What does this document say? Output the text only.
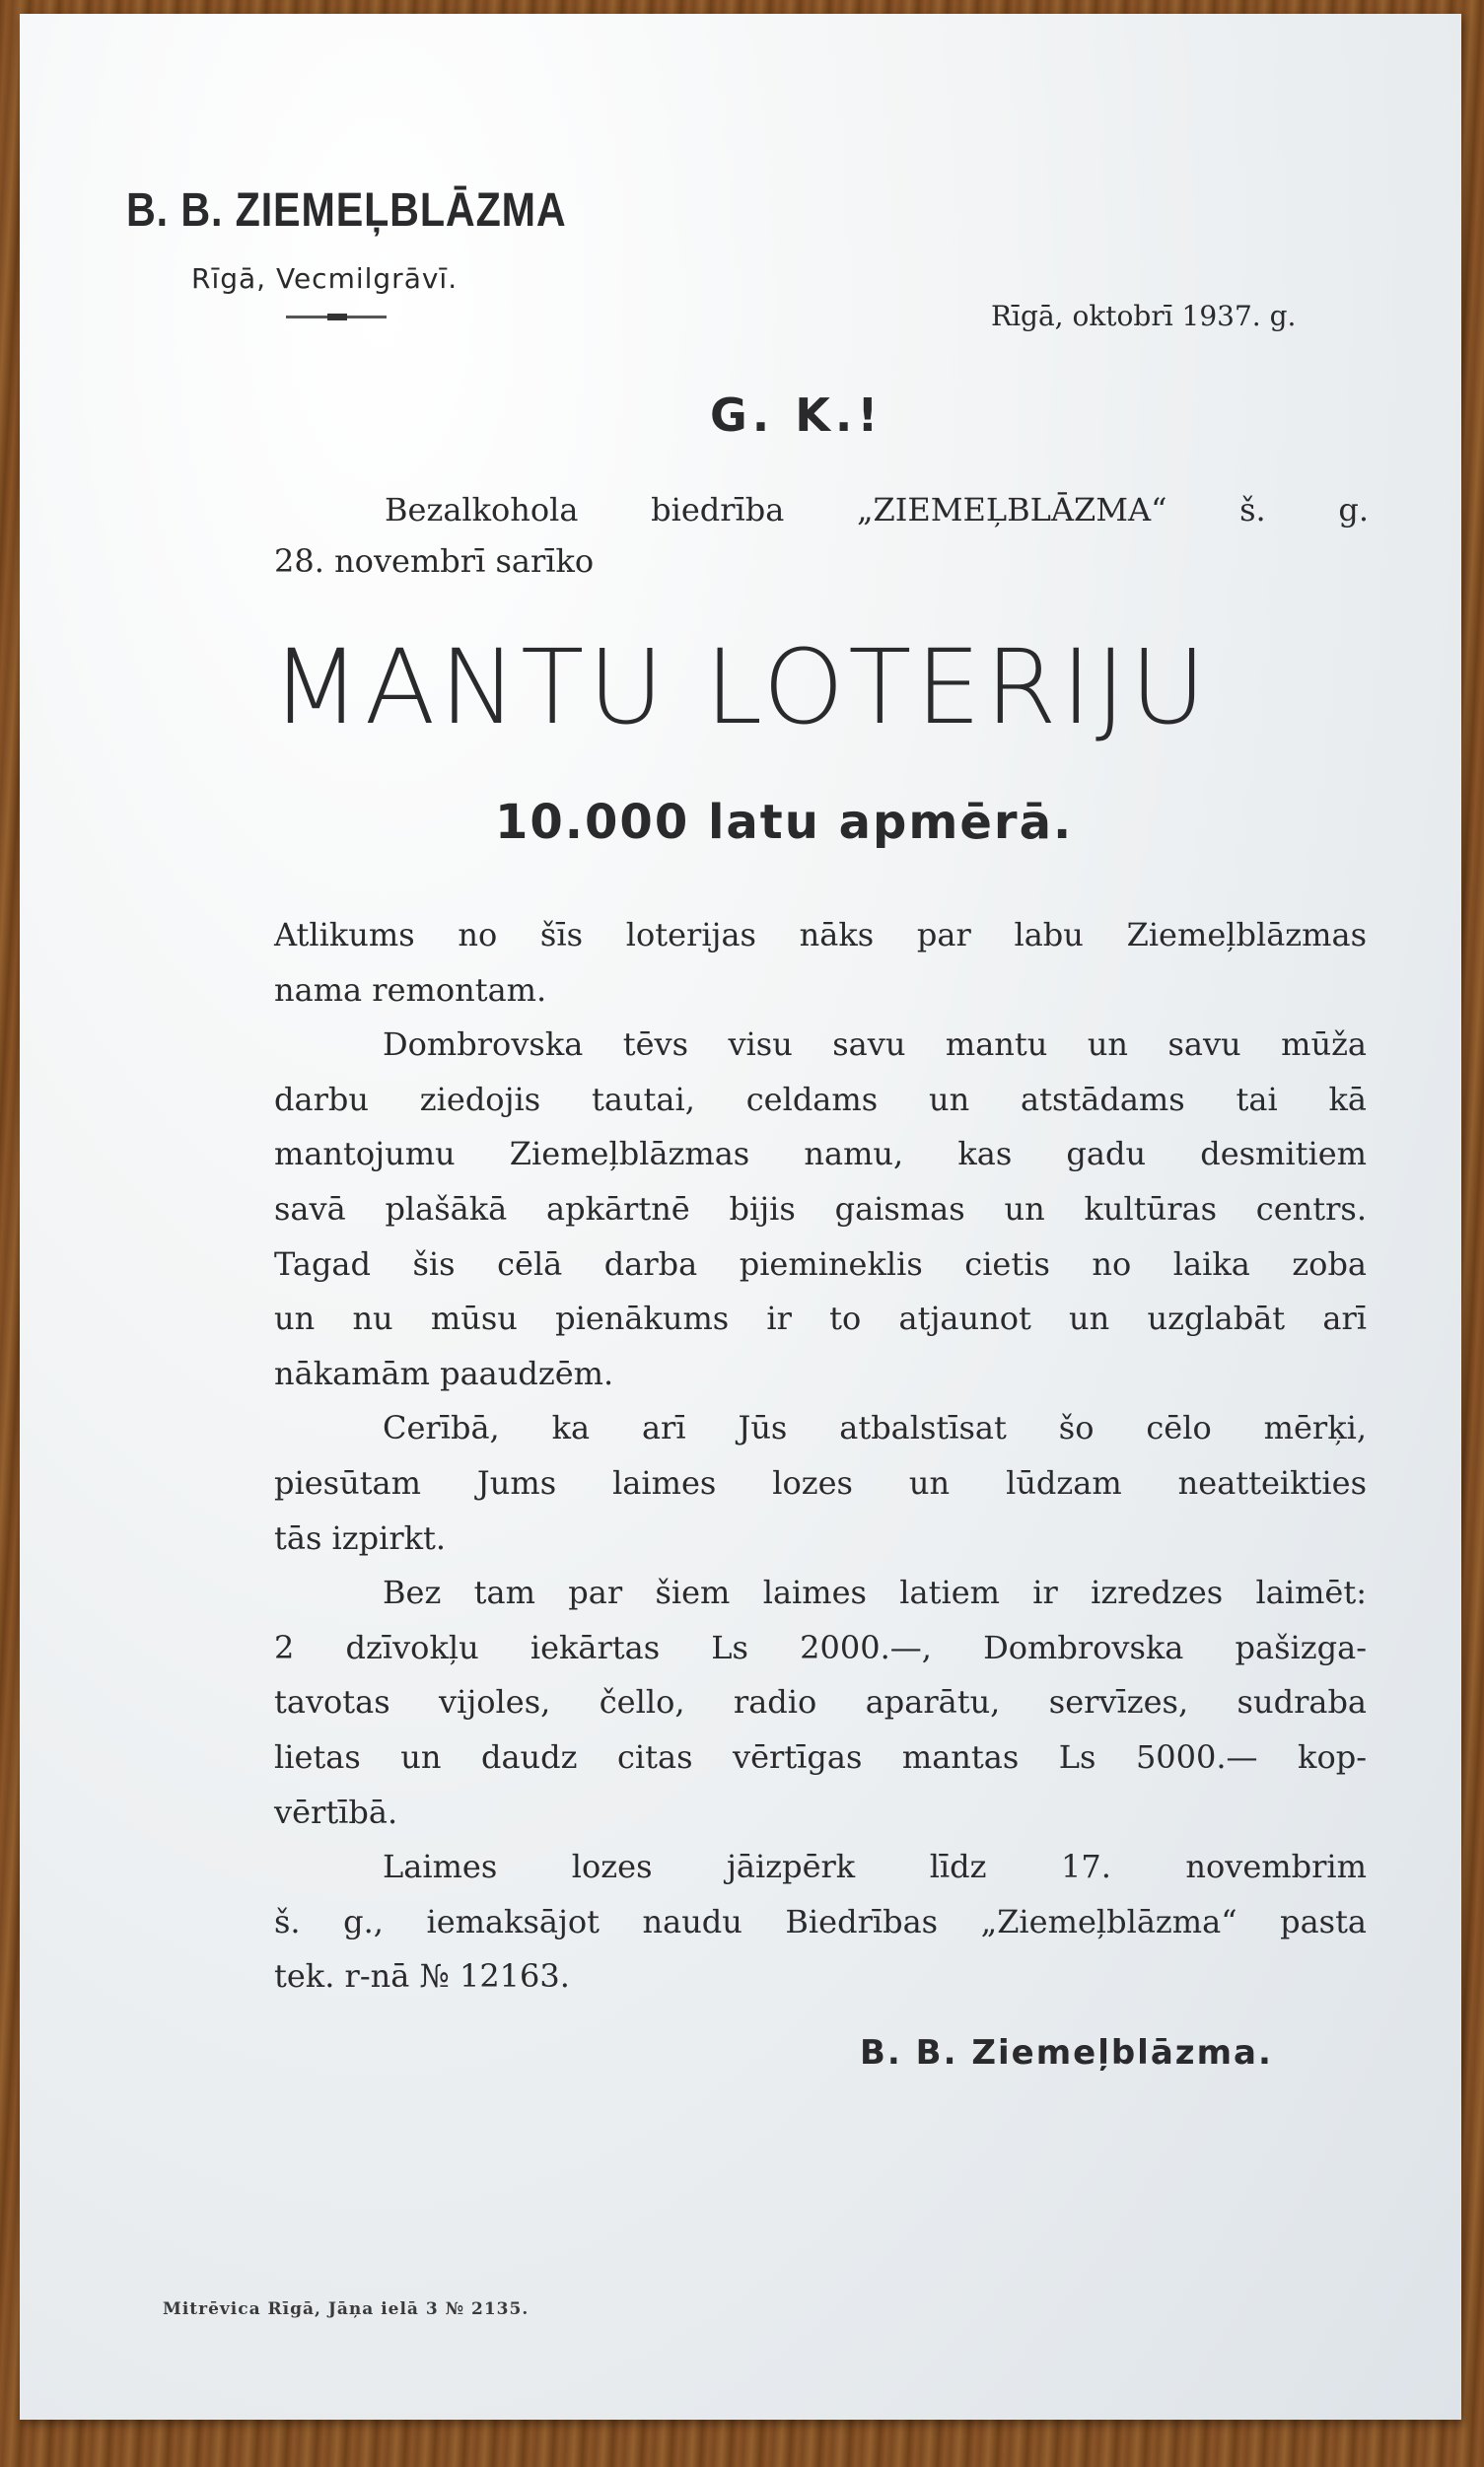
B. B. ZIEMEĻBLĀZMA
Rīgā, Vecmilgrāvī.
Rīgā, oktobrī 1937. g.
G. K.!
Bezalkohola biedrība „ZIEMEĻBLĀZMA“ š. g.
28. novembrī sarīko
MANTU LOTERIJU
10.000 latu apmērā.
Atlikums no šīs loterijas nāks par labu Ziemeļblāzmas
nama remontam.
Dombrovska tēvs visu savu mantu un savu mūža
darbu ziedojis tautai, celdams un atstādams tai kā
mantojumu Ziemeļblāzmas namu, kas gadu desmitiem
savā plašākā apkārtnē bijis gaismas un kultūras centrs.
Tagad šis cēlā darba piemineklis cietis no laika zoba
un nu mūsu pienākums ir to atjaunot un uzglabāt arī
nākamām paaudzēm.
Cerībā, ka arī Jūs atbalstīsat šo cēlo mērķi,
piesūtam Jums laimes lozes un lūdzam neatteikties
tās izpirkt.
Bez tam par šiem laimes latiem ir izredzes laimēt:
2 dzīvokļu iekārtas Ls 2000.—, Dombrovska pašizga-
tavotas vijoles, čello, radio aparātu, servīzes, sudraba
lietas un daudz citas vērtīgas mantas Ls 5000.— kop-
vērtībā.
Laimes lozes jāizpērk līdz 17. novembrim
š. g., iemaksājot naudu Biedrības „Ziemeļblāzma“ pasta
tek. r-nā № 12163.
B. B. Ziemeļblāzma.
Mitrēvica Rīgā, Jāņa ielā 3 № 2135.
